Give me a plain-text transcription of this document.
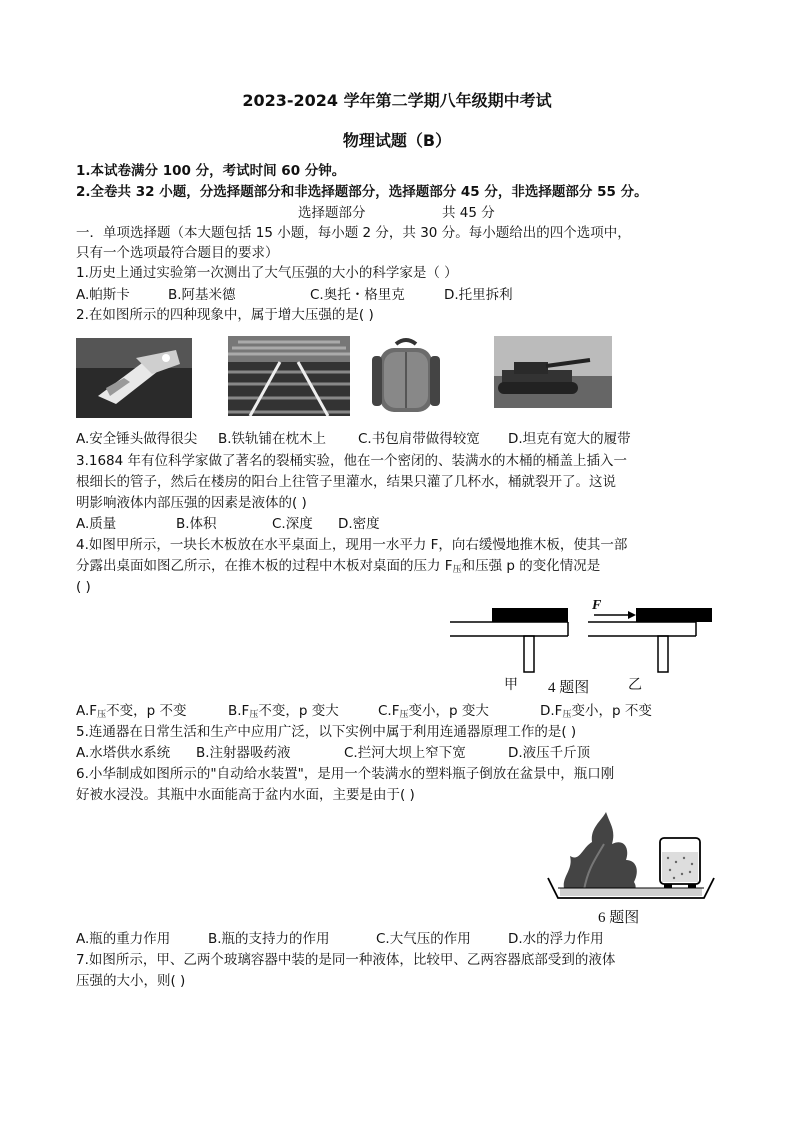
2023-2024 学年第二学期八年级期中考试
物理试题（B）
1.本试卷满分 100 分，考试时间 60 分钟。
2.全卷共 32 小题，分选择题部分和非选择题部分，选择题部分 45 分，非选择题部分 55 分。
选择题部分	共 45 分
一．单项选择题（本大题包括 15 小题，每小题 2 分，共 30 分。每小题给出的四个选项中，
只有一个选项最符合题目的要求）
1.历史上通过实验第一次测出了大气压强的大小的科学家是（ ）
A.帕斯卡	B.阿基米德	C.奥托・格里克	D.托里拆利
2.在如图所示的四种现象中，属于增大压强的是( )
A.安全锤头做得很尖 B.铁轨铺在枕木上 C.书包肩带做得较宽 D.坦克有宽大的履带
3.1684 年有位科学家做了著名的裂桶实验，他在一个密闭的、装满水的木桶的桶盖上插入一
根细长的管子，然后在楼房的阳台上往管子里灌水，结果只灌了几杯水，桶就裂开了。这说
明影响液体内部压强的因素是液体的( )
A.质量	B.体积	C.深度 D.密度
4.如图甲所示，一块长木板放在水平桌面上，现用一水平力 F，向右缓慢地推木板，使其一部
分露出桌面如图乙所示，在推木板的过程中木板对桌面的压力 $F_压$和压强 p 的变化情况是
( )
F
甲 4 题图	乙
$A.F_压$不变，p 不变	$B.F_压$不变，p 变大	$C.F_压$变小，p 变大	$D.F_压$变小，p 不变
5.连通器在日常生活和生产中应用广泛，以下实例中属于利用连通器原理工作的是( )
A.水塔供水系统 B.注射器吸药液	C.拦河大坝上窄下宽	D.液压千斤顶
6.小华制成如图所示的"自动给水装置"，是用一个装满水的塑料瓶子倒放在盆景中，瓶口刚
好被水浸没。其瓶中水面能高于盆内水面，主要是由于( )
6 题图
A.瓶的重力作用	B.瓶的支持力的作用	C.大气压的作用	D.水的浮力作用
7.如图所示，甲、乙两个玻璃容器中装的是同一种液体，比较甲、乙两容器底部受到的液体
压强的大小，则( )
